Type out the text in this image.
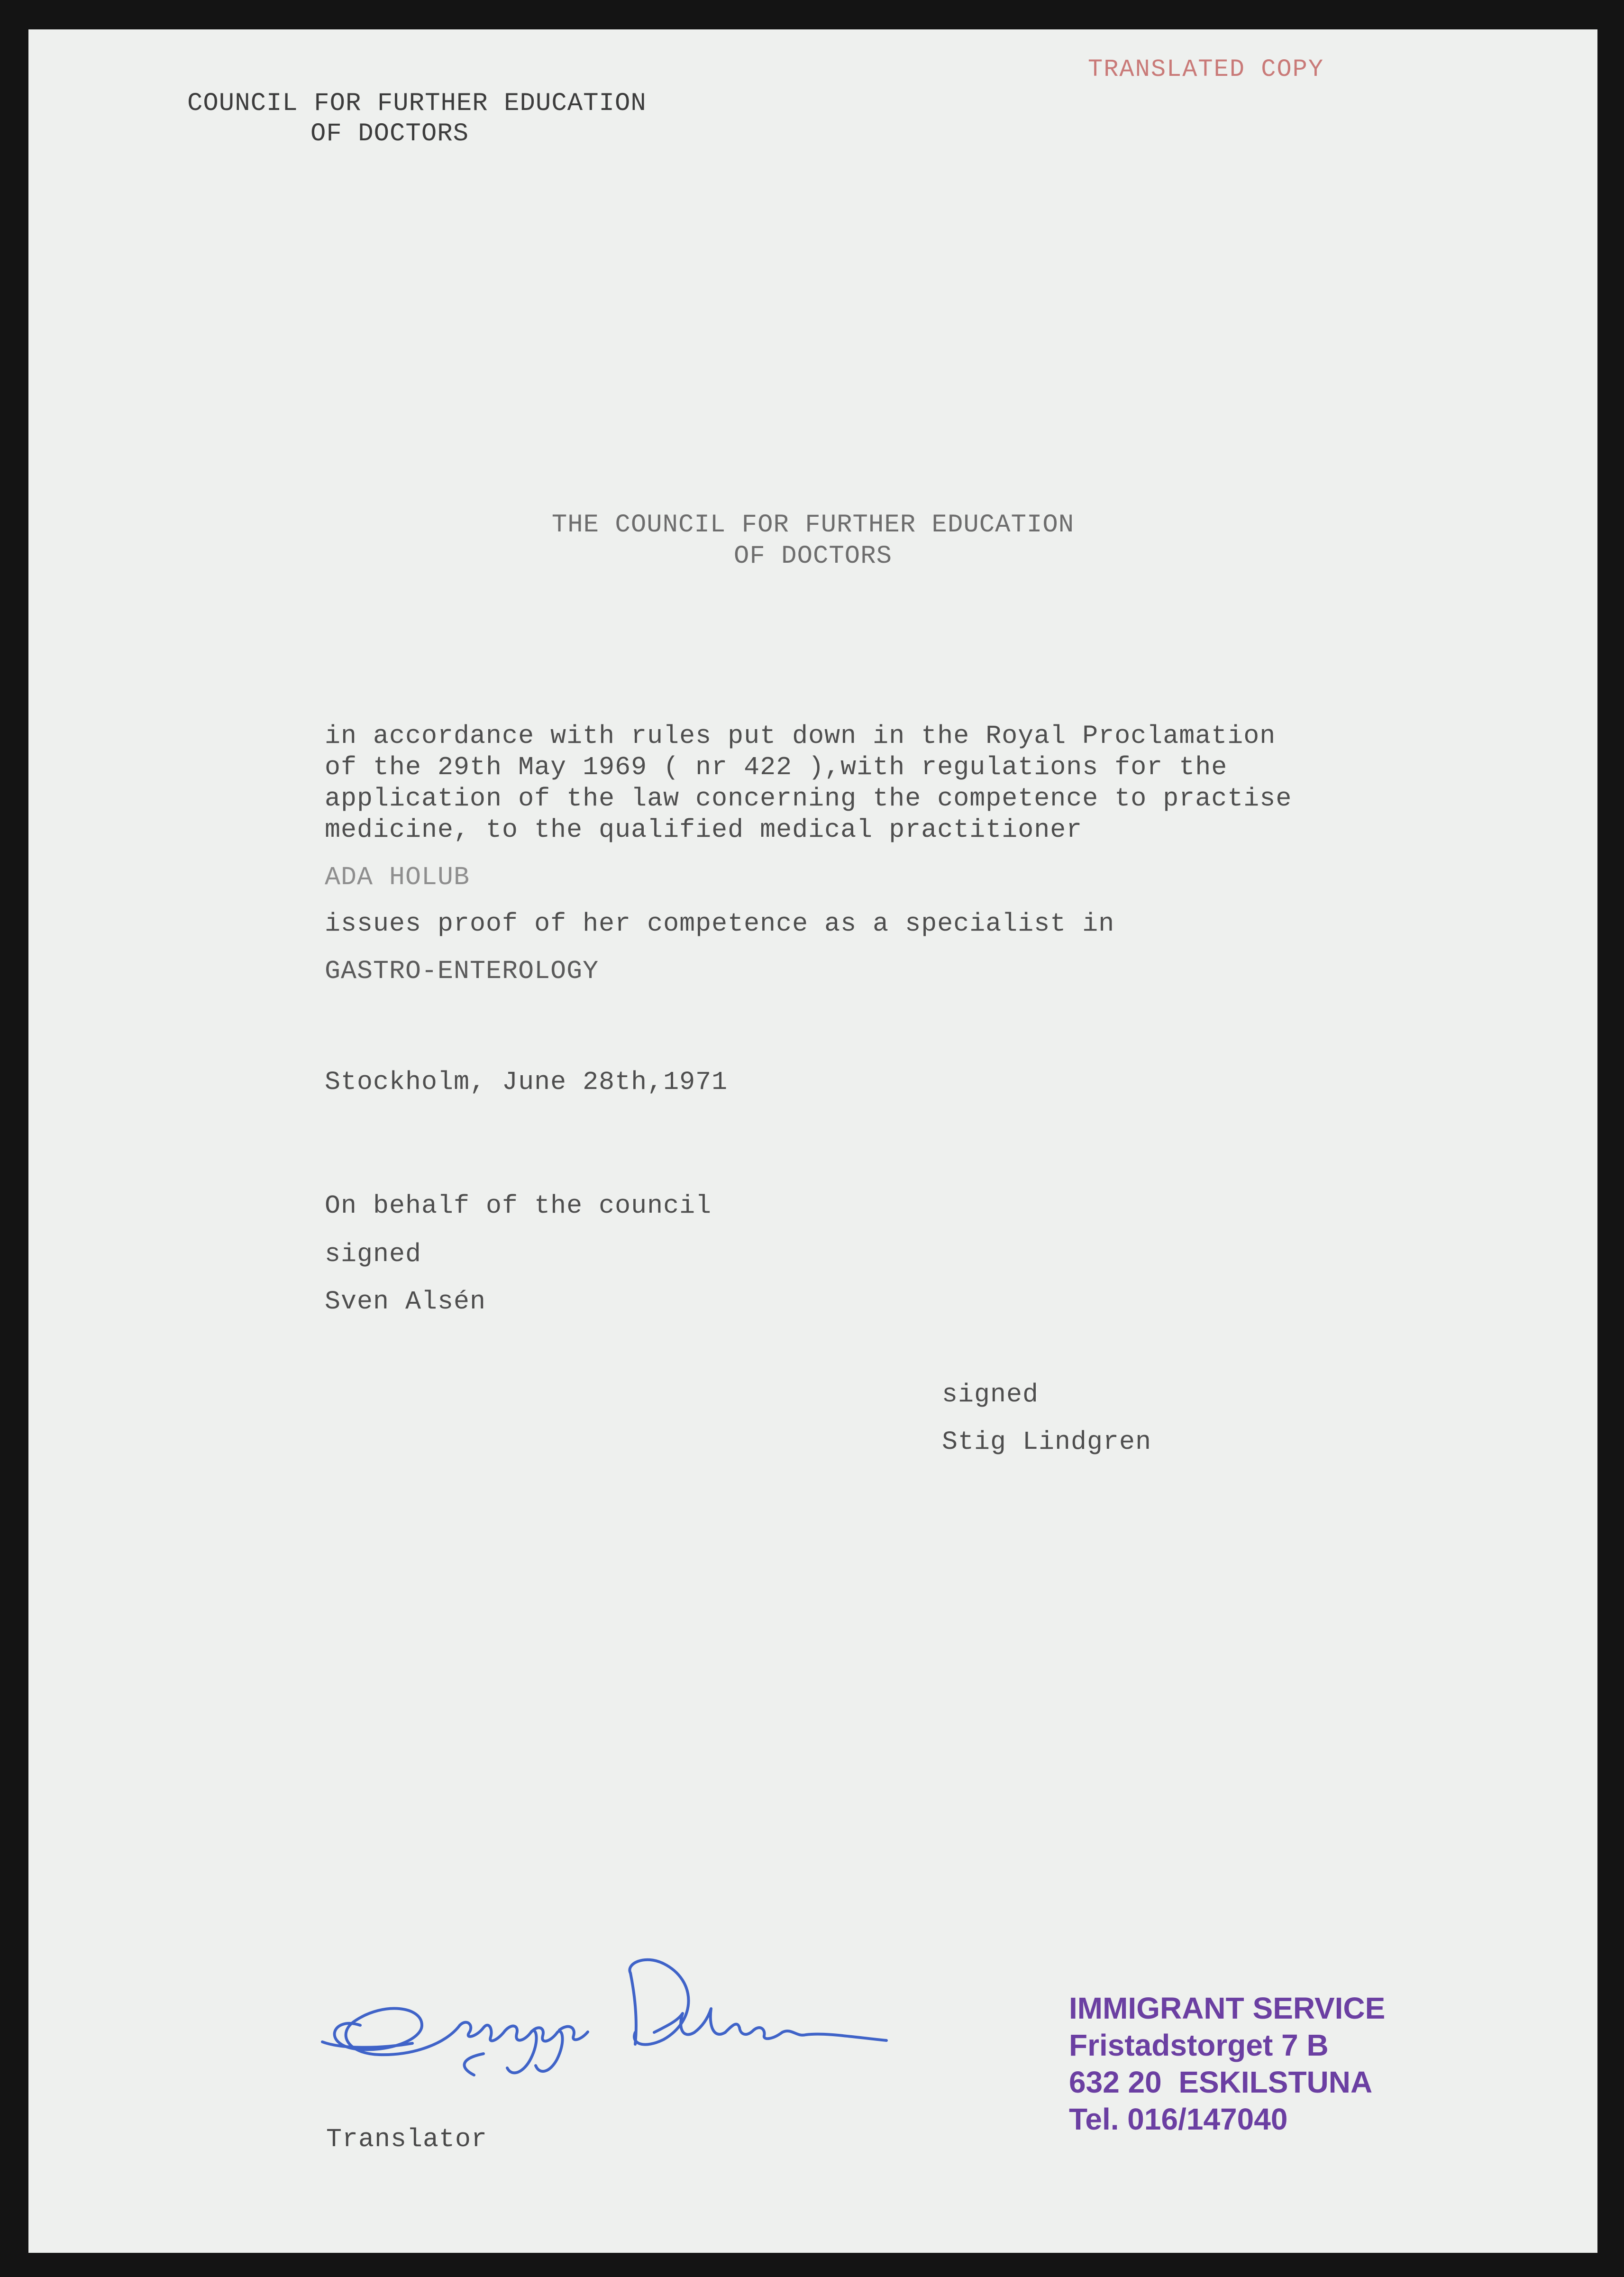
COUNCIL FOR FURTHER EDUCATION
OF DOCTORS
TRANSLATED COPY
THE COUNCIL FOR FURTHER EDUCATION
OF DOCTORS
in accordance with rules put down in the Royal Proclamation
of the 29th May 1969 ( nr 422 ),with regulations for the
application of the law concerning the competence to practise
medicine, to the qualified medical practitioner
ADA HOLUB
issues proof of her competence as a specialist in
GASTRO-ENTEROLOGY
Stockholm, June 28th,1971
On behalf of the council
signed
Sven Alsén
signed
Stig Lindgren
Translator
IMMIGRANT SERVICE
Fristadstorget 7 B
632 20  ESKILSTUNA
Tel. 016/147040
